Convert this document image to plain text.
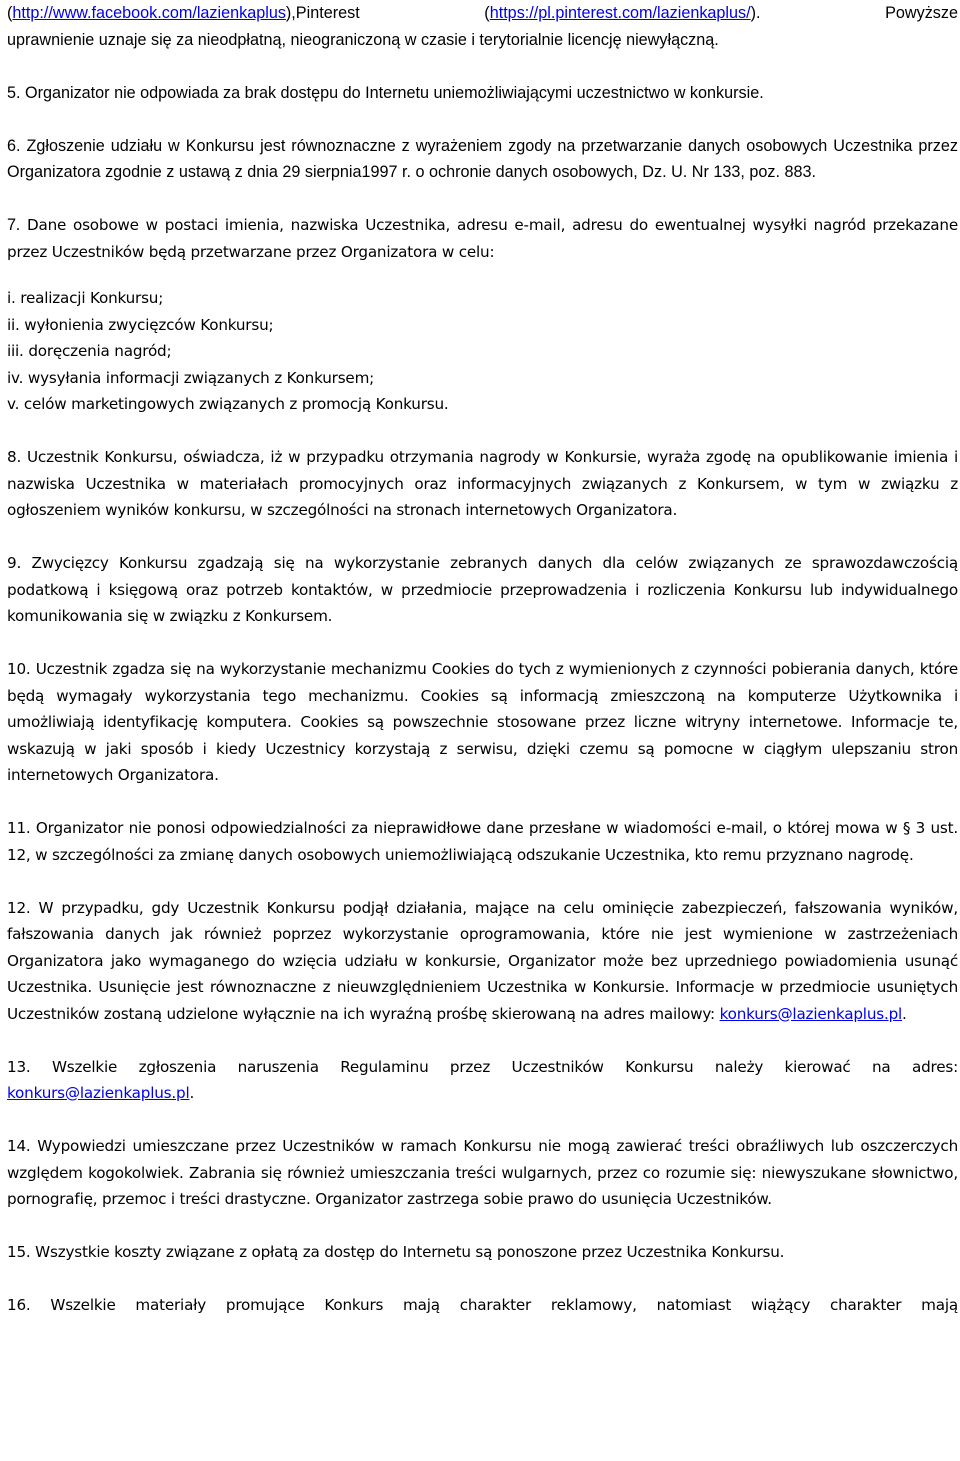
(http://www.facebook.com/lazienkaplus),Pinterest	(https://pl.pinterest.com/lazienkaplus/).	Powyższe
uprawnienie uznaje się za nieodpłatną, nieograniczoną w czasie i terytorialnie licencję niewyłączną.
5. Organizator nie odpowiada za brak dostępu do Internetu uniemożliwiającymi uczestnictwo w konkursie.
6. Zgłoszenie udziału w Konkursu jest równoznaczne z wyrażeniem zgody na przetwarzanie danych osobowych Uczestnika przez Organizatora zgodnie z ustawą z dnia 29 sierpnia1997 r. o ochronie danych osobowych, Dz. U. Nr 133, poz. 883.
7. Dane osobowe w postaci imienia, nazwiska Uczestnika, adresu e-mail, adresu do ewentualnej wysyłki nagród przekazane przez Uczestników będą przetwarzane przez Organizatora w celu:
i. realizacji Konkursu;
ii. wyłonienia zwycięzców Konkursu;
iii. doręczenia nagród;
iv. wysyłania informacji związanych z Konkursem;
v. celów marketingowych związanych z promocją Konkursu.
8. Uczestnik Konkursu, oświadcza, iż w przypadku otrzymania nagrody w Konkursie, wyraża zgodę na opublikowanie imienia i nazwiska Uczestnika w materiałach promocyjnych oraz informacyjnych związanych z Konkursem, w tym w związku z ogłoszeniem wyników konkursu, w szczególności na stronach internetowych Organizatora.
9. Zwycięzcy Konkursu zgadzają się na wykorzystanie zebranych danych dla celów związanych ze sprawozdawczością podatkową i księgową oraz potrzeb kontaktów, w przedmiocie przeprowadzenia i rozliczenia Konkursu lub indywidualnego komunikowania się w związku z Konkursem.
10. Uczestnik zgadza się na wykorzystanie mechanizmu Cookies do tych z wymienionych z czynności pobierania danych, które będą wymagały wykorzystania tego mechanizmu. Cookies są informacją zmieszczoną na komputerze Użytkownika i umożliwiają identyfikację komputera. Cookies są powszechnie stosowane przez liczne witryny internetowe. Informacje te, wskazują w jaki sposób i kiedy Uczestnicy korzystają z serwisu, dzięki czemu są pomocne w ciągłym ulepszaniu stron internetowych Organizatora.
11. Organizator nie ponosi odpowiedzialności za nieprawidłowe dane przesłane w wiadomości e-mail, o której mowa w § 3 ust. 12, w szczególności za zmianę danych osobowych uniemożliwiającą odszukanie Uczestnika, kto remu przyznano nagrodę.
12. W przypadku, gdy Uczestnik Konkursu podjął działania, mające na celu ominięcie zabezpieczeń, fałszowania wyników, fałszowania danych jak również poprzez wykorzystanie oprogramowania, które nie jest wymienione w zastrzeżeniach Organizatora jako wymaganego do wzięcia udziału w konkursie, Organizator może bez uprzedniego powiadomienia usunąć Uczestnika. Usunięcie jest równoznaczne z nieuwzględnieniem Uczestnika w Konkursie. Informacje w przedmiocie usuniętych Uczestników zostaną udzielone wyłącznie na ich wyraźną prośbę skierowaną na adres mailowy: konkurs@lazienkaplus.pl.
13. Wszelkie zgłoszenia naruszenia Regulaminu przez Uczestników Konkursu należy kierować na adres: konkurs@lazienkaplus.pl.
14. Wypowiedzi umieszczane przez Uczestników w ramach Konkursu nie mogą zawierać treści obraźliwych lub oszczerczych względem kogokolwiek. Zabrania się również umieszczania treści wulgarnych, przez co rozumie się: niewyszukane słownictwo, pornografię, przemoc i treści drastyczne. Organizator zastrzega sobie prawo do usunięcia Uczestników.
15. Wszystkie koszty związane z opłatą za dostęp do Internetu są ponoszone przez Uczestnika Konkursu.
16. Wszelkie materiały promujące Konkurs mają charakter reklamowy, natomiast wiążący charakter mają
